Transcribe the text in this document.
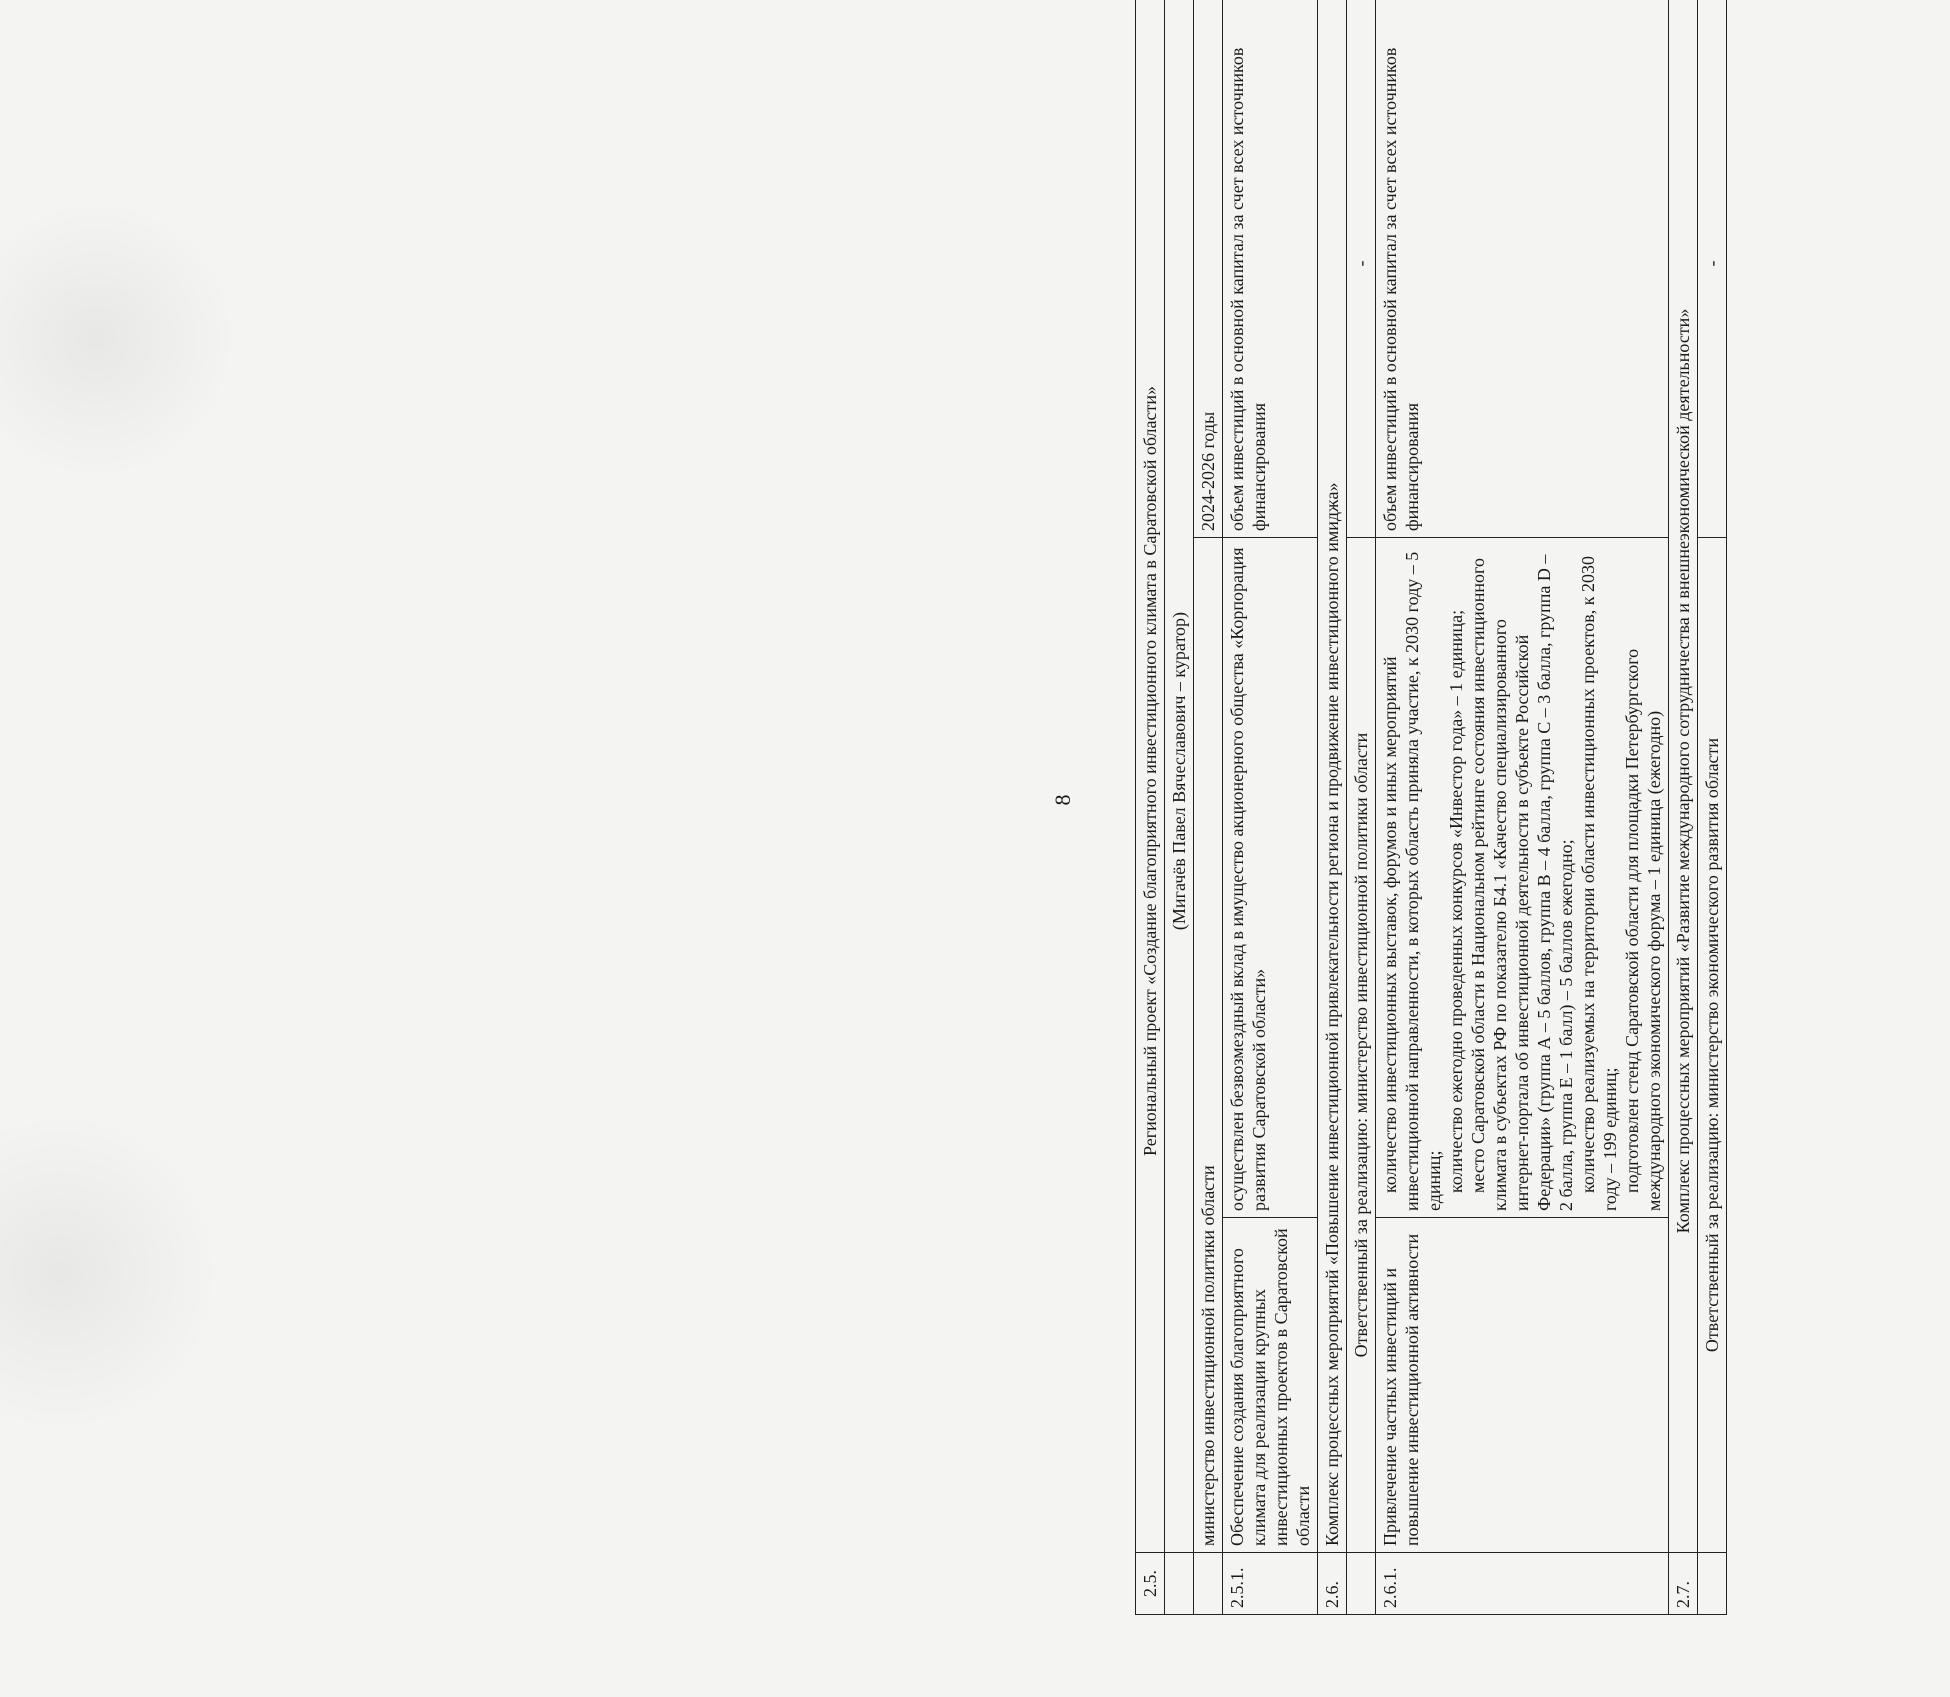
8
2.5.	Региональный проект «Создание благоприятного инвестиционного климата в Саратовской области»		
	(Мигачёв Павел Вячеславович – куратор)		
	министерство инвестиционной политики области		2024-2026 годы
2.5.1.	Обеспечение создания благоприятного климата для реализации крупных инвестиционных проектов в Саратовской области	осуществлен безвозмездный вклад в имущество акционерного общества «Корпорация развития Саратовской области»	объем инвестиций в основной капитал за счет всех источников финансирования
2.6.	Комплекс процессных мероприятий «Повышение инвестиционной привлекательности региона и продвижение инвестиционного имиджа»		
	Ответственный за реализацию: министерство инвестиционной политики области		-
2.6.1.	Привлечение частных инвестиций и повышение инвестиционной активности	количество инвестиционных выставок, форумов и иных мероприятий инвестиционной направленности, в которых область приняла участие, к 2030 году – 5 единиц; количество ежегодно проведенных конкурсов «Инвестор года» – 1 единица; место Саратовской области в Национальном рейтинге состояния инвестиционного климата в субъектах РФ по показателю Б4.1 «Качество специализированного интернет-портала об инвестиционной деятельности в субъекте Российской Федерации» (группа А – 5 баллов, группа В – 4 балла, группа С – 3 балла, группа D – 2 балла, группа Е – 1 балл) – 5 баллов ежегодно; количество реализуемых на территории области инвестиционных проектов, к 2030 году – 199 единиц; подготовлен стенд Саратовской области для площадки Петербургского международного экономического форума – 1 единица (ежегодно)	объем инвестиций в основной капитал за счет всех источников финансирования
2.7.	Комплекс процессных мероприятий «Развитие международного сотрудничества и внешнеэкономической деятельности»		
	Ответственный за реализацию: министерство экономического развития области		-
